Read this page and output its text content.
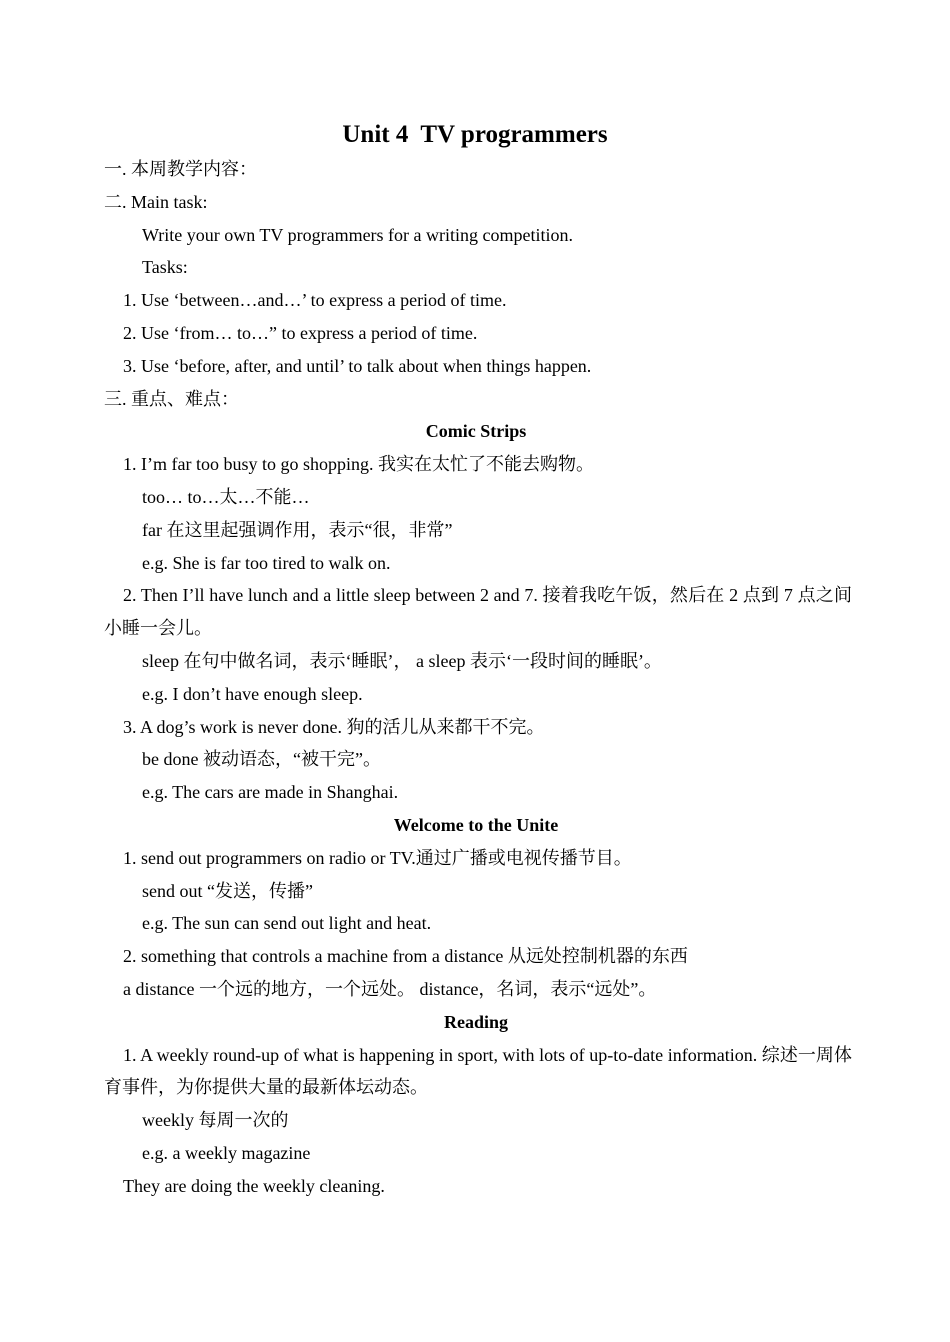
Unit 4  TV programmers
一. 本周教学内容：
二. Main task:
Write your own TV programmers for a writing competition.
Tasks:
1. Use ‘between…and…’ to express a period of time.
2. Use ‘from… to…” to express a period of time.
3. Use ‘before, after, and until’ to talk about when things happen.
三. 重点、难点：
Comic Strips
1. I’m far too busy to go shopping. 我实在太忙了不能去购物。
too… to…太…不能…
far 在这里起强调作用，表示“很，非常”
e.g. She is far too tired to walk on.
2. Then I’ll have lunch and a little sleep between 2 and 7. 接着我吃午饭，然后在 2 点到 7 点之间小睡一会儿。
sleep 在句中做名词，表示‘睡眠’， a sleep 表示‘一段时间的睡眠’。
e.g. I don’t have enough sleep.
3. A dog’s work is never done. 狗的活儿从来都干不完。
be done 被动语态，“被干完”。
e.g. The cars are made in Shanghai.
Welcome to the Unite
1. send out programmers on radio or TV.通过广播或电视传播节目。
send out “发送，传播”
e.g. The sun can send out light and heat.
2. something that controls a machine from a distance 从远处控制机器的东西
a distance 一个远的地方，一个远处。 distance，名词，表示“远处”。
Reading
1. A weekly round-up of what is happening in sport, with lots of up-to-date information. 综述一周体育事件，为你提供大量的最新体坛动态。
weekly 每周一次的
e.g. a weekly magazine
They are doing the weekly cleaning.
